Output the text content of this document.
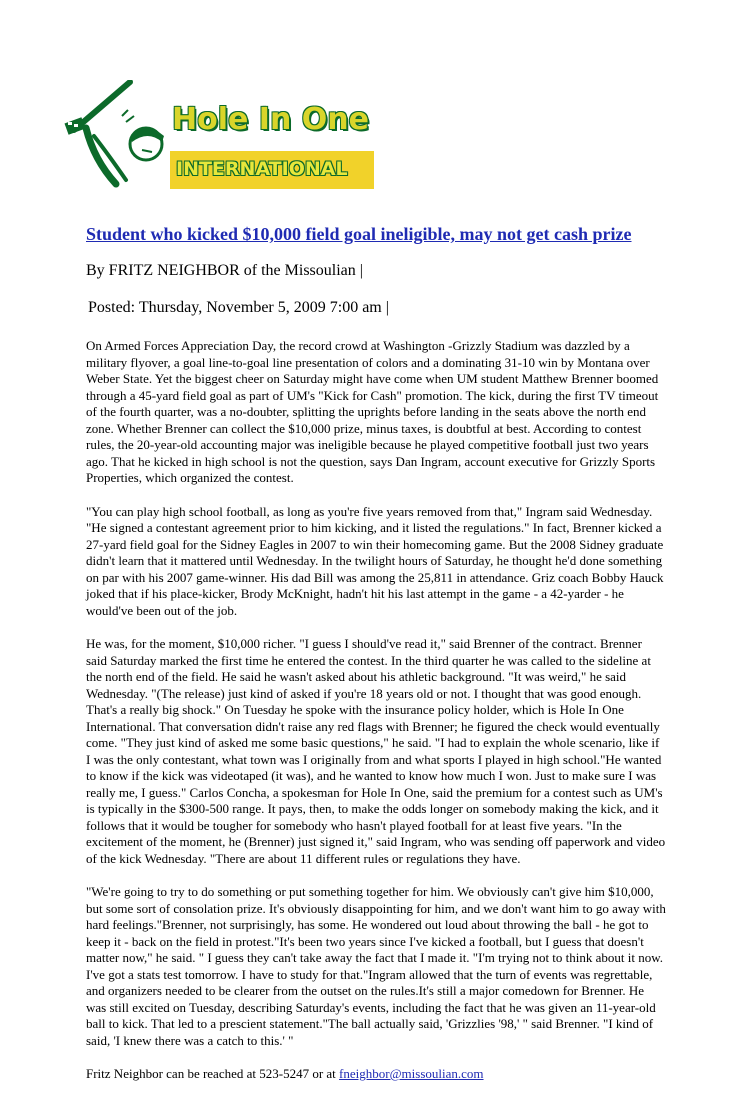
Hole In One
INTERNATIONAL
Student who kicked $10,000 field goal ineligible, may not get cash prize
By FRITZ NEIGHBOR of the Missoulian |
Posted: Thursday, November 5, 2009 7:00 am |

On Armed Forces Appreciation Day, the record crowd at Washington -Grizzly Stadium was dazzled by a military flyover, a goal line-to-goal line presentation of colors and a dominating 31-10 win by Montana over Weber State. Yet the biggest cheer on Saturday might have come when UM student Matthew Brenner boomed through a 45-yard field goal as part of UM's "Kick for Cash" promotion. The kick, during the first TV timeout of the fourth quarter, was a no-doubter, splitting the uprights before landing in the seats above the north end zone. Whether Brenner can collect the $10,000 prize, minus taxes, is doubtful at best. According to contest rules, the 20-year-old accounting major was ineligible because he played competitive football just two years ago. That he kicked in high school is not the question, says Dan Ingram, account executive for Grizzly Sports Properties, which organized the contest.

"You can play high school football, as long as you're five years removed from that," Ingram said Wednesday. "He signed a contestant agreement prior to him kicking, and it listed the regulations." In fact, Brenner kicked a 27-yard field goal for the Sidney Eagles in 2007 to win their homecoming game. But the 2008 Sidney graduate didn't learn that it mattered until Wednesday. In the twilight hours of Saturday, he thought he'd done something on par with his 2007 game-winner. His dad Bill was among the 25,811 in attendance. Griz coach Bobby Hauck joked that if his place-kicker, Brody McKnight, hadn't hit his last attempt in the game - a 42-yarder - he would've been out of the job.

He was, for the moment, $10,000 richer. "I guess I should've read it," said Brenner of the contract. Brenner said Saturday marked the first time he entered the contest. In the third quarter he was called to the sideline at the north end of the field. He said he wasn't asked about his athletic background. "It was weird," he said Wednesday. "(The release) just kind of asked if you're 18 years old or not. I thought that was good enough. That's a really big shock." On Tuesday he spoke with the insurance policy holder, which is Hole In One International. That conversation didn't raise any red flags with Brenner; he figured the check would eventually come. "They just kind of asked me some basic questions," he said. "I had to explain the whole scenario, like if I was the only contestant, what town was I originally from and what sports I played in high school."He wanted to know if the kick was videotaped (it was), and he wanted to know how much I won. Just to make sure I was really me, I guess." Carlos Concha, a spokesman for Hole In One, said the premium for a contest such as UM's is typically in the $300-500 range. It pays, then, to make the odds longer on somebody making the kick, and it follows that it would be tougher for somebody who hasn't played football for at least five years. "In the excitement of the moment, he (Brenner) just signed it," said Ingram, who was sending off paperwork and video of the kick Wednesday. "There are about 11 different rules or regulations they have.

"We're going to try to do something or put something together for him. We obviously can't give him $10,000, but some sort of consolation prize. It's obviously disappointing for him, and we don't want him to go away with hard feelings."Brenner, not surprisingly, has some. He wondered out loud about throwing the ball - he got to keep it - back on the field in protest."It's been two years since I've kicked a football, but I guess that doesn't matter now," he said. " I guess they can't take away the fact that I made it. "I'm trying not to think about it now. I've got a stats test tomorrow. I have to study for that."Ingram allowed that the turn of events was regrettable, and organizers needed to be clearer from the outset on the rules.It's still a major comedown for Brenner. He was still excited on Tuesday, describing Saturday's events, including the fact that he was given an 11-year-old ball to kick. That led to a prescient statement."The ball actually said, 'Grizzlies '98,' " said Brenner. "I kind of said, 'I knew there was a catch to this.' "

Fritz Neighbor can be reached at 523-5247 or at fneighbor@missoulian.com
